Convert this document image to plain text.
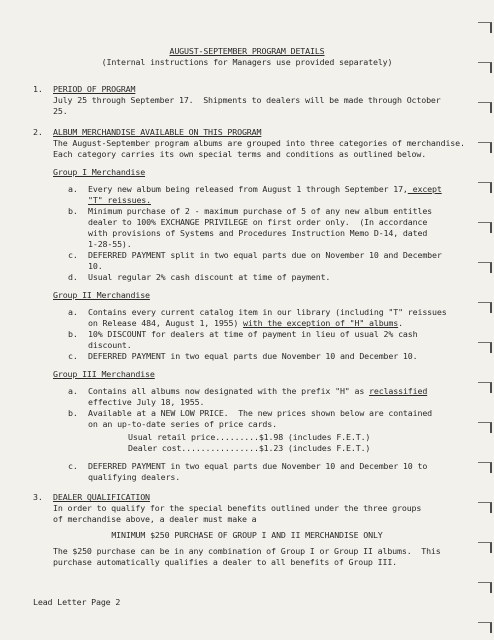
AUGUST-SEPTEMBER PROGRAM DETAILS
(Internal instructions for Managers use provided separately)
1. PERIOD OF PROGRAM
July 25 through September 17.  Shipments to dealers will be made through October
25.
2. ALBUM MERCHANDISE AVAILABLE ON THIS PROGRAM
The August-September program albums are grouped into three categories of merchandise.
Each category carries its own special terms and conditions as outlined below.
Group I Merchandise
a. Every new album being released from August 1 through September 17, except
"T" reissues.
b. Minimum purchase of 2 - maximum purchase of 5 of any new album entitles
dealer to 100% EXCHANGE PRIVILEGE on first order only.  (In accordance
with provisions of Systems and Procedures Instruction Memo D-14, dated
1-28-55).
c. DEFERRED PAYMENT split in two equal parts due on November 10 and December
10.
d. Usual regular 2% cash discount at time of payment.
Group II Merchandise
a. Contains every current catalog item in our library (including "T" reissues
on Release 484, August 1, 1955) with the exception of "H" albums.
b. 10% DISCOUNT for dealers at time of payment in lieu of usual 2% cash
discount.
c. DEFERRED PAYMENT in two equal parts due November 10 and December 10.
Group III Merchandise
a. Contains all albums now designated with the prefix "H" as reclassified
effective July 18, 1955.
b. Available at a NEW LOW PRICE.  The new prices shown below are contained
on an up-to-date series of price cards.
Usual retail price.........$1.98 (includes F.E.T.)
Dealer cost................$1.23 (includes F.E.T.)
c. DEFERRED PAYMENT in two equal parts due November 10 and December 10 to
qualifying dealers.
3. DEALER QUALIFICATION
In order to qualify for the special benefits outlined under the three groups
of merchandise above, a dealer must make a
MINIMUM $250 PURCHASE OF GROUP I AND II MERCHANDISE ONLY
The $250 purchase can be in any combination of Group I or Group II albums.  This
purchase automatically qualifies a dealer to all benefits of Group III.
Lead Letter Page 2
